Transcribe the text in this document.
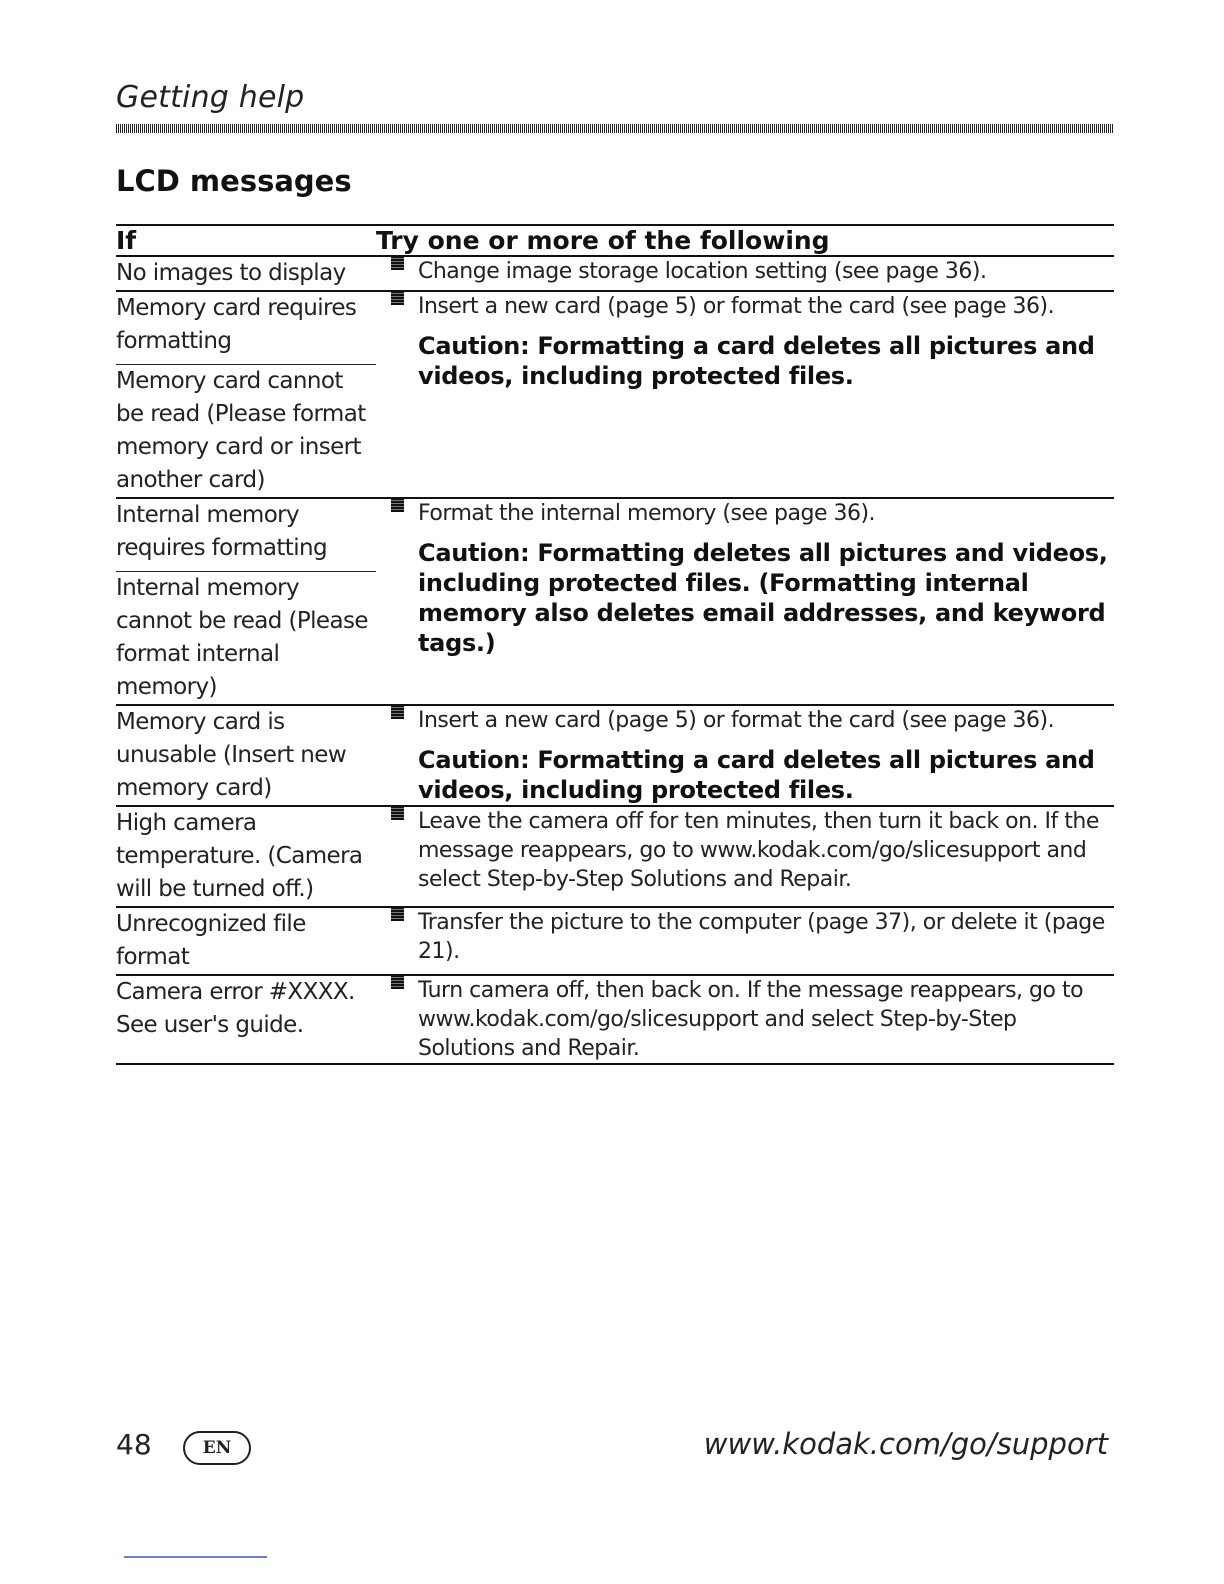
Getting help
LCD messages
If	Try one or more of the following	
No images to display		Change image storage location setting (see page 36).

Memory card requires formatting		Insert a new card (page 5) or format the card (see page 36).
Caution: Formatting a card deletes all pictures and videos, including protected files.

Memory card cannot be read (Please format memory card or insert another card)		
Internal memory requires formatting		Format the internal memory (see page 36).
Caution: Formatting deletes all pictures and videos, including protected files. (Formatting internal memory also deletes email addresses, and keyword tags.)

Internal memory cannot be read (Please format internal memory)		
Memory card is unusable (Insert new memory card)		Insert a new card (page 5) or format the card (see page 36).
Caution: Formatting a card deletes all pictures and videos, including protected files.

High camera temperature. (Camera will be turned off.)		Leave the camera off for ten minutes, then turn it back on. If the message reappears, go to www.kodak.com/go/slicesupport and select Step-by-Step Solutions and Repair.

Unrecognized file format		Transfer the picture to the computer (page 37), or delete it (page 21).

Camera error #XXXX. See user's guide.		Turn camera off, then back on. If the message reappears, go to www.kodak.com/go/slicesupport and select Step-by-Step Solutions and Repair.
48	EN	www.kodak.com/go/support
